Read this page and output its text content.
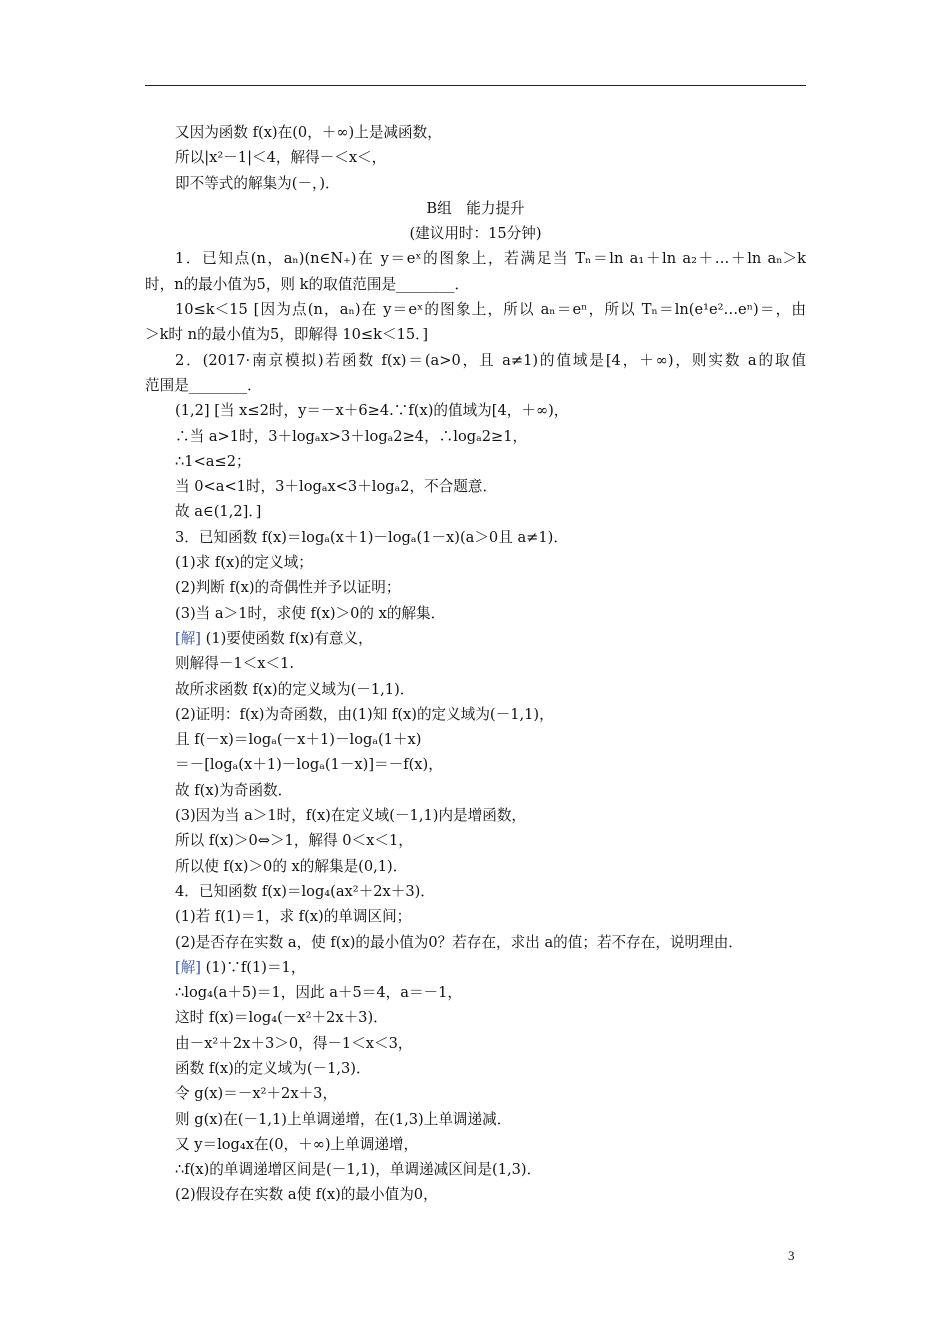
又因为函数 f(x)在(0，＋∞)上是减函数，
所以|x²－1|＜4，解得－＜x＜，
即不等式的解集为(－，)．
B组　能力提升
(建议用时：15分钟)
1．已知点(n，aₙ)(n∈N₊)在 y＝eˣ的图象上，若满足当 Tₙ＝ln a₁＋ln a₂＋…＋ln aₙ＞k
时，n的最小值为5，则 k的取值范围是________．
10≤k＜15 [因为点(n，aₙ)在 y＝eˣ的图象上，所以 aₙ＝eⁿ，所以 Tₙ＝ln(e¹e²…eⁿ)＝，由
＞k时 n的最小值为5，即解得 10≤k＜15．]
2．(2017·南京模拟)若函数 f(x)＝(a>0，且 a≠1)的值域是[4，＋∞)，则实数 a的取值
范围是________．
(1,2] [当 x≤2时，y＝－x＋6≥4.∵f(x)的值域为[4，＋∞)，
∴当 a>1时，3＋logₐx>3＋logₐ2≥4，∴logₐ2≥1，
∴1<a≤2；
当 0<a<1时，3＋logₐx<3＋logₐ2，不合题意．
故 a∈(1,2]．]
3．已知函数 f(x)＝logₐ(x＋1)－logₐ(1－x)(a＞0且 a≠1)．
(1)求 f(x)的定义域；
(2)判断 f(x)的奇偶性并予以证明；
(3)当 a＞1时，求使 f(x)＞0的 x的解集．
[解] (1)要使函数 f(x)有意义，
则解得－1＜x＜1.
故所求函数 f(x)的定义域为(－1,1)．
(2)证明：f(x)为奇函数，由(1)知 f(x)的定义域为(－1,1)，
且 f(－x)＝logₐ(－x＋1)－logₐ(1＋x)
＝－[logₐ(x＋1)－logₐ(1－x)]＝－f(x)，
故 f(x)为奇函数．
(3)因为当 a＞1时，f(x)在定义域(－1,1)内是增函数，
所以 f(x)＞0⇔＞1，解得 0＜x＜1，
所以使 f(x)＞0的 x的解集是(0,1)．
4．已知函数 f(x)＝log₄(ax²＋2x＋3)．
(1)若 f(1)＝1，求 f(x)的单调区间；
(2)是否存在实数 a，使 f(x)的最小值为0？若存在，求出 a的值；若不存在，说明理由．
[解] (1)∵f(1)＝1，
∴log₄(a＋5)＝1，因此 a＋5＝4，a＝－1，
这时 f(x)＝log₄(－x²＋2x＋3)．
由－x²＋2x＋3＞0，得－1＜x＜3，
函数 f(x)的定义域为(－1,3)．
令 g(x)＝－x²＋2x＋3，
则 g(x)在(－1,1)上单调递增，在(1,3)上单调递减．
又 y＝log₄x在(0，＋∞)上单调递增，
∴f(x)的单调递增区间是(－1,1)，单调递减区间是(1,3)．
(2)假设存在实数 a使 f(x)的最小值为0，
3
